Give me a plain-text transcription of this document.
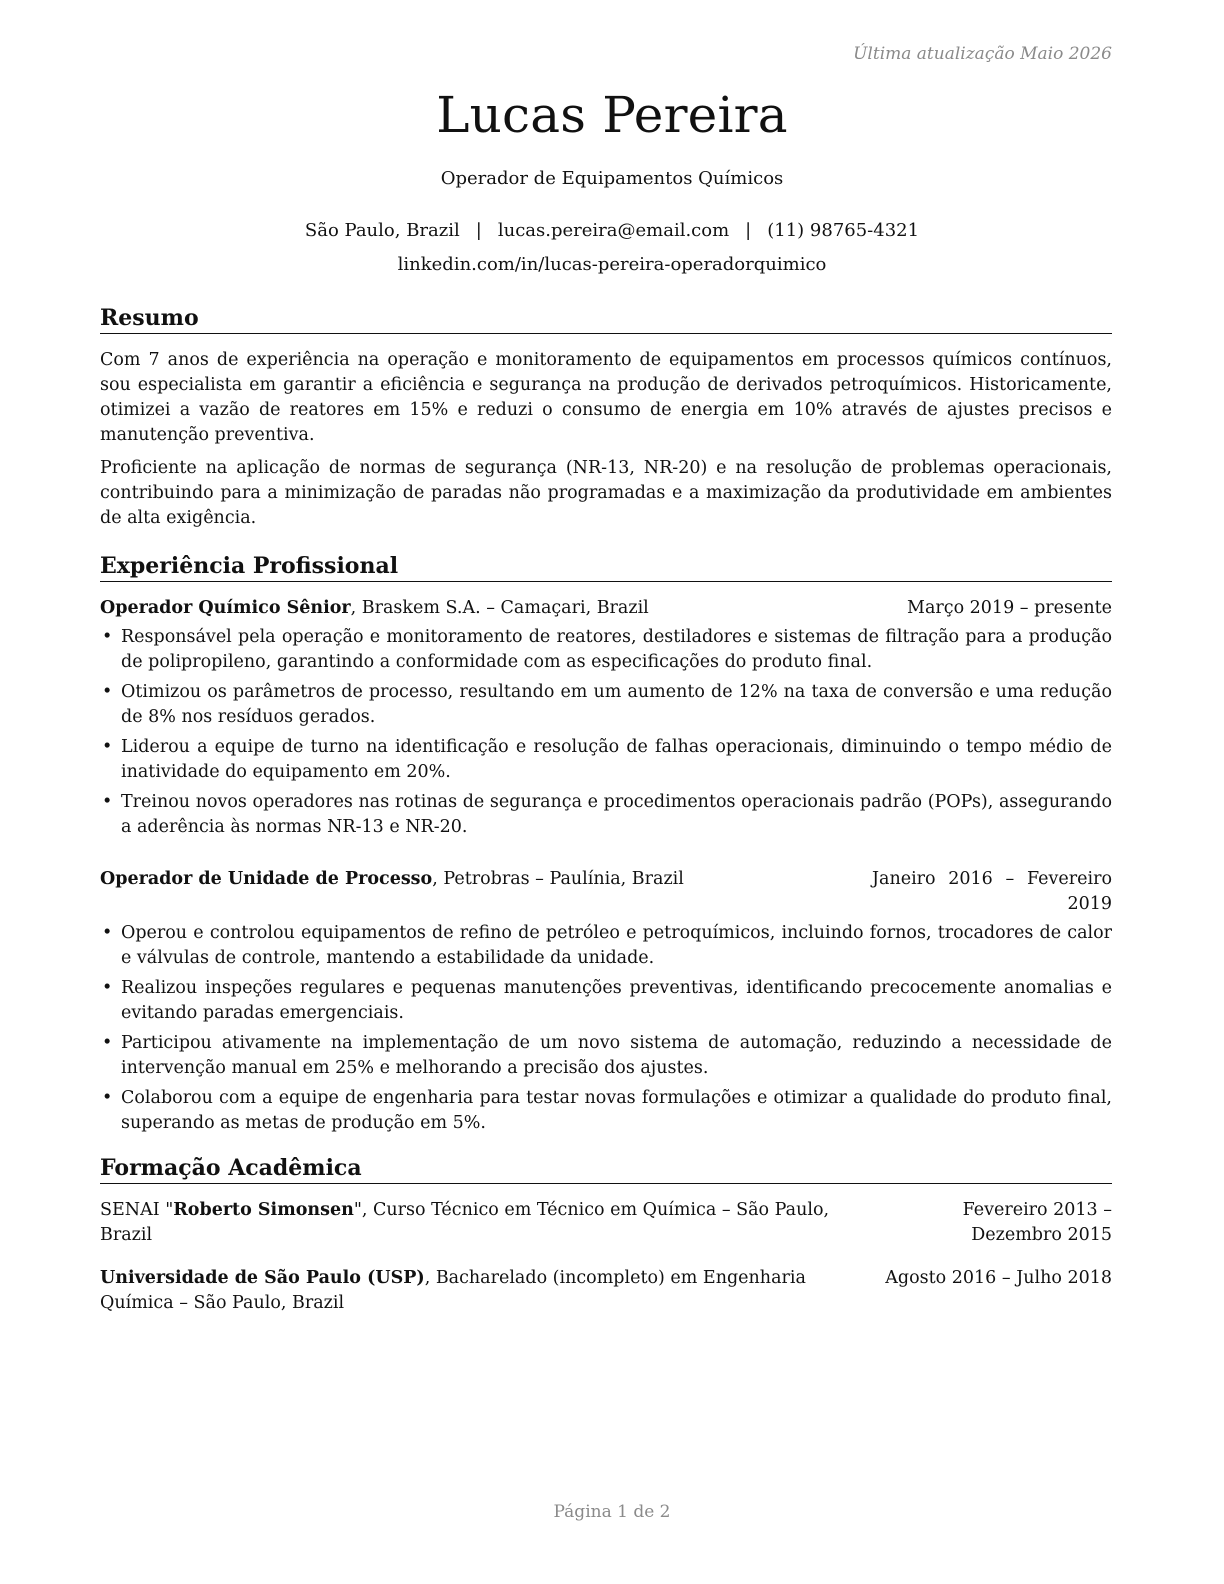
Última atualização Maio 2026
Lucas Pereira
Operador de Equipamentos Químicos
São Paulo, Brazil | lucas.pereira@email.com | (11) 98765-4321
linkedin.com/in/lucas-pereira-operadorquimico
Resumo

Com 7 anos de experiência na operação e monitoramento de equipamentos em processos químicos contínuos, sou especialista em garantir a eficiência e segurança na produção de derivados petroquímicos. Historicamente, otimizei a vazão de reatores em 15% e reduzi o consumo de energia em 10% através de ajustes precisos e manutenção preventiva.

Proficiente na aplicação de normas de segurança (NR-13, NR-20) e na resolução de problemas operacionais, contribuindo para a minimização de paradas não programadas e a maximização da produtividade em ambientes de alta exigência.

Experiência Profissional
Operador Químico Sênior, Braskem S.A. – Camaçari, Brazil	Março 2019 – presente
• Responsável pela operação e monitoramento de reatores, destiladores e sistemas de filtração para a produção de polipropileno, garantindo a conformidade com as especificações do produto final.
• Otimizou os parâmetros de processo, resultando em um aumento de 12% na taxa de conversão e uma redução de 8% nos resíduos gerados.
• Liderou a equipe de turno na identificação e resolução de falhas operacionais, diminuindo o tempo médio de inatividade do equipamento em 20%.
• Treinou novos operadores nas rotinas de segurança e procedimentos operacionais padrão (POPs), assegurando a aderência às normas NR-13 e NR-20.
Operador de Unidade de Processo, Petrobras – Paulínia, Brazil	Janeiro 2016 – Fevereiro 2019
• Operou e controlou equipamentos de refino de petróleo e petroquímicos, incluindo fornos, trocadores de calor e válvulas de controle, mantendo a estabilidade da unidade.
• Realizou inspeções regulares e pequenas manutenções preventivas, identificando precocemente anomalias e evitando paradas emergenciais.
• Participou ativamente na implementação de um novo sistema de automação, reduzindo a necessidade de intervenção manual em 25% e melhorando a precisão dos ajustes.
• Colaborou com a equipe de engenharia para testar novas formulações e otimizar a qualidade do produto final, superando as metas de produção em 5%.
Formação Acadêmica
SENAI "Roberto Simonsen", Curso Técnico em Técnico em Química – São Paulo, Brazil
Fevereiro 2013 – Dezembro 2015
Universidade de São Paulo (USP), Bacharelado (incompleto) em Engenharia Química – São Paulo, Brazil
Agosto 2016 – Julho 2018
Página 1 de 2
